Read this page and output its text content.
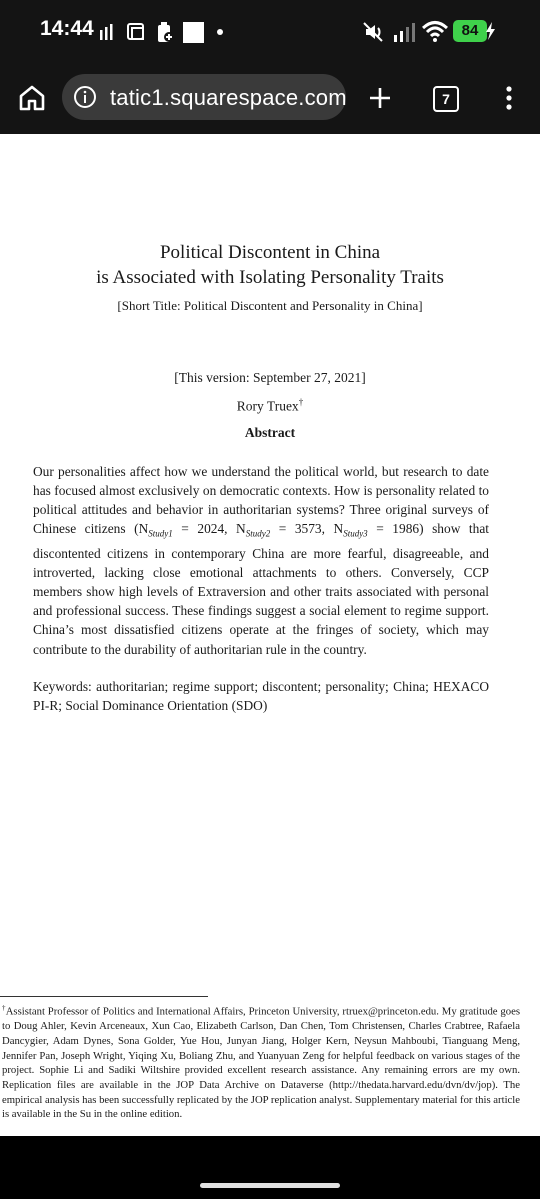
14:44	84
tatic1.squarespace.com	7
Political Discontent in China
is Associated with Isolating Personality Traits
[Short Title: Political Discontent and Personality in China]
[This version: September 27, 2021]
Rory Truex†
Abstract
Our personalities affect how we understand the political world, but research to date has focused almost exclusively on democratic contexts. How is personality related to political attitudes and behavior in authoritarian systems? Three original surveys of Chinese citizens ($N_{Study1} = 2024$, $N_{Study2} = 3573$, $N_{Study3} = 1986$) show that discontented citizens in contemporary China are more fearful, disagreeable, and introverted, lacking close emotional attachments to others. Conversely, CCP members show high levels of Extraversion and other traits associated with personal and professional success. These findings suggest a social element to regime support. China’s most dissatisfied citizens operate at the fringes of society, which may contribute to the durability of authoritarian rule in the country.
Keywords: authoritarian; regime support; discontent; personality; China; HEXACO PI-R; Social Dominance Orientation (SDO)
†Assistant Professor of Politics and International Affairs, Princeton University, rtruex@princeton.edu. My gratitude goes to Doug Ahler, Kevin Arceneaux, Xun Cao, Elizabeth Carlson, Dan Chen, Tom Christensen, Charles Crabtree, Rafaela Dancygier, Adam Dynes, Sona Golder, Yue Hou, Junyan Jiang, Holger Kern, Neysun Mahboubi, Tianguang Meng, Jennifer Pan, Joseph Wright, Yiqing Xu, Boliang Zhu, and Yuanyuan Zeng for helpful feedback on various stages of the project. Sophie Li and Sadiki Wiltshire provided excellent research assistance. Any remaining errors are my own. Replication files are available in the JOP Data Archive on Dataverse (http://thedata.harvard.edu/dvn/dv/jop). The empirical analysis has been successfully replicated by the JOP replication analyst. Supplementary material for this article is available in the Su in the online edition.
